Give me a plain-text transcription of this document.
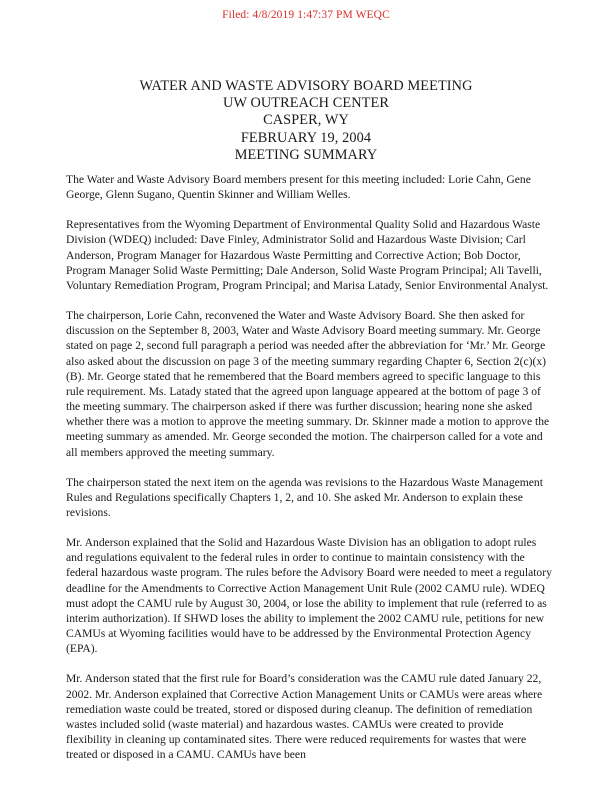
Filed: 4/8/2019 1:47:37 PM WEQC
WATER AND WASTE ADVISORY BOARD MEETING
UW OUTREACH CENTER
CASPER, WY
FEBRUARY 19, 2004
MEETING SUMMARY

The Water and Waste Advisory Board members present for this meeting included: Lorie Cahn, Gene George, Glenn Sugano, Quentin Skinner and William Welles.

Representatives from the Wyoming Department of Environmental Quality Solid and Hazardous Waste Division (WDEQ) included: Dave Finley, Administrator Solid and Hazardous Waste Division; Carl Anderson, Program Manager for Hazardous Waste Permitting and Corrective Action; Bob Doctor, Program Manager Solid Waste Permitting; Dale Anderson, Solid Waste Program Principal; Ali Tavelli, Voluntary Remediation Program, Program Principal; and Marisa Latady, Senior Environmental Analyst.

The chairperson, Lorie Cahn, reconvened the Water and Waste Advisory Board. She then asked for discussion on the September 8, 2003, Water and Waste Advisory Board meeting summary. Mr. George stated on page 2, second full paragraph a period was needed after the abbreviation for ‘Mr.’ Mr. George also asked about the discussion on page 3 of the meeting summary regarding Chapter 6, Section 2(c)(x)(B). Mr. George stated that he remembered that the Board members agreed to specific language to this rule requirement. Ms. Latady stated that the agreed upon language appeared at the bottom of page 3 of the meeting summary. The chairperson asked if there was further discussion; hearing none she asked whether there was a motion to approve the meeting summary. Dr. Skinner made a motion to approve the meeting summary as amended. Mr. George seconded the motion. The chairperson called for a vote and all members approved the meeting summary.

The chairperson stated the next item on the agenda was revisions to the Hazardous Waste Management Rules and Regulations specifically Chapters 1, 2, and 10. She asked Mr. Anderson to explain these revisions.

Mr. Anderson explained that the Solid and Hazardous Waste Division has an obligation to adopt rules and regulations equivalent to the federal rules in order to continue to maintain consistency with the federal hazardous waste program. The rules before the Advisory Board were needed to meet a regulatory deadline for the Amendments to Corrective Action Management Unit Rule (2002 CAMU rule). WDEQ must adopt the CAMU rule by August 30, 2004, or lose the ability to implement that rule (referred to as interim authorization). If SHWD loses the ability to implement the 2002 CAMU rule, petitions for new CAMUs at Wyoming facilities would have to be addressed by the Environmental Protection Agency (EPA).

Mr. Anderson stated that the first rule for Board’s consideration was the CAMU rule dated January 22, 2002. Mr. Anderson explained that Corrective Action Management Units or CAMUs were areas where remediation waste could be treated, stored or disposed during cleanup. The definition of remediation wastes included solid (waste material) and hazardous wastes. CAMUs were created to provide flexibility in cleaning up contaminated sites. There were reduced requirements for wastes that were treated or disposed in a CAMU. CAMUs have been
